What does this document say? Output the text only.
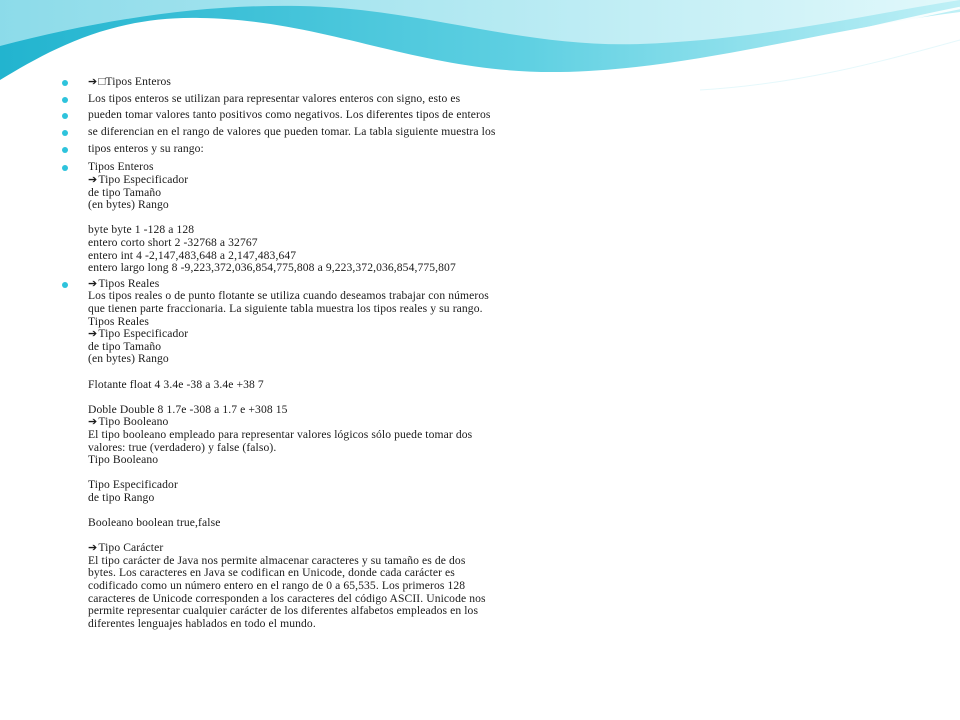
➔□Tipos Enteros
Los tipos enteros se utilizan para representar valores enteros con signo, esto es
pueden tomar valores tanto positivos como negativos. Los diferentes tipos de enteros
se diferencian en el rango de valores que pueden tomar. La tabla siguiente muestra los
tipos enteros y su rango:
Tipos Enteros
➔Tipo Especificador
de tipo Tamaño
(en bytes) Rango

byte byte 1 -128 a 128
entero corto short 2 -32768 a 32767
entero int 4 -2,147,483,648 a 2,147,483,647
entero largo long 8 -9,223,372,036,854,775,808 a 9,223,372,036,854,775,807
➔Tipos Reales
Los tipos reales o de punto flotante se utiliza cuando deseamos trabajar con números
que tienen parte fraccionaria. La siguiente tabla muestra los tipos reales y su rango.
Tipos Reales
➔Tipo Especificador
de tipo Tamaño
(en bytes) Rango

Flotante float 4 3.4e -38 a 3.4e +38 7

Doble Double 8 1.7e -308 a 1.7 e +308 15
➔Tipo Booleano
El tipo booleano empleado para representar valores lógicos sólo puede tomar dos
valores: true (verdadero) y false (falso).
Tipo Booleano

Tipo Especificador
de tipo Rango

Booleano boolean true,false

➔Tipo Carácter
El tipo carácter de Java nos permite almacenar caracteres y su tamaño es de dos
bytes. Los caracteres en Java se codifican en Unicode, donde cada carácter es
codificado como un número entero en el rango de 0 a 65,535. Los primeros 128
caracteres de Unicode corresponden a los caracteres del código ASCII. Unicode nos
permite representar cualquier carácter de los diferentes alfabetos empleados en los
diferentes lenguajes hablados en todo el mundo.
